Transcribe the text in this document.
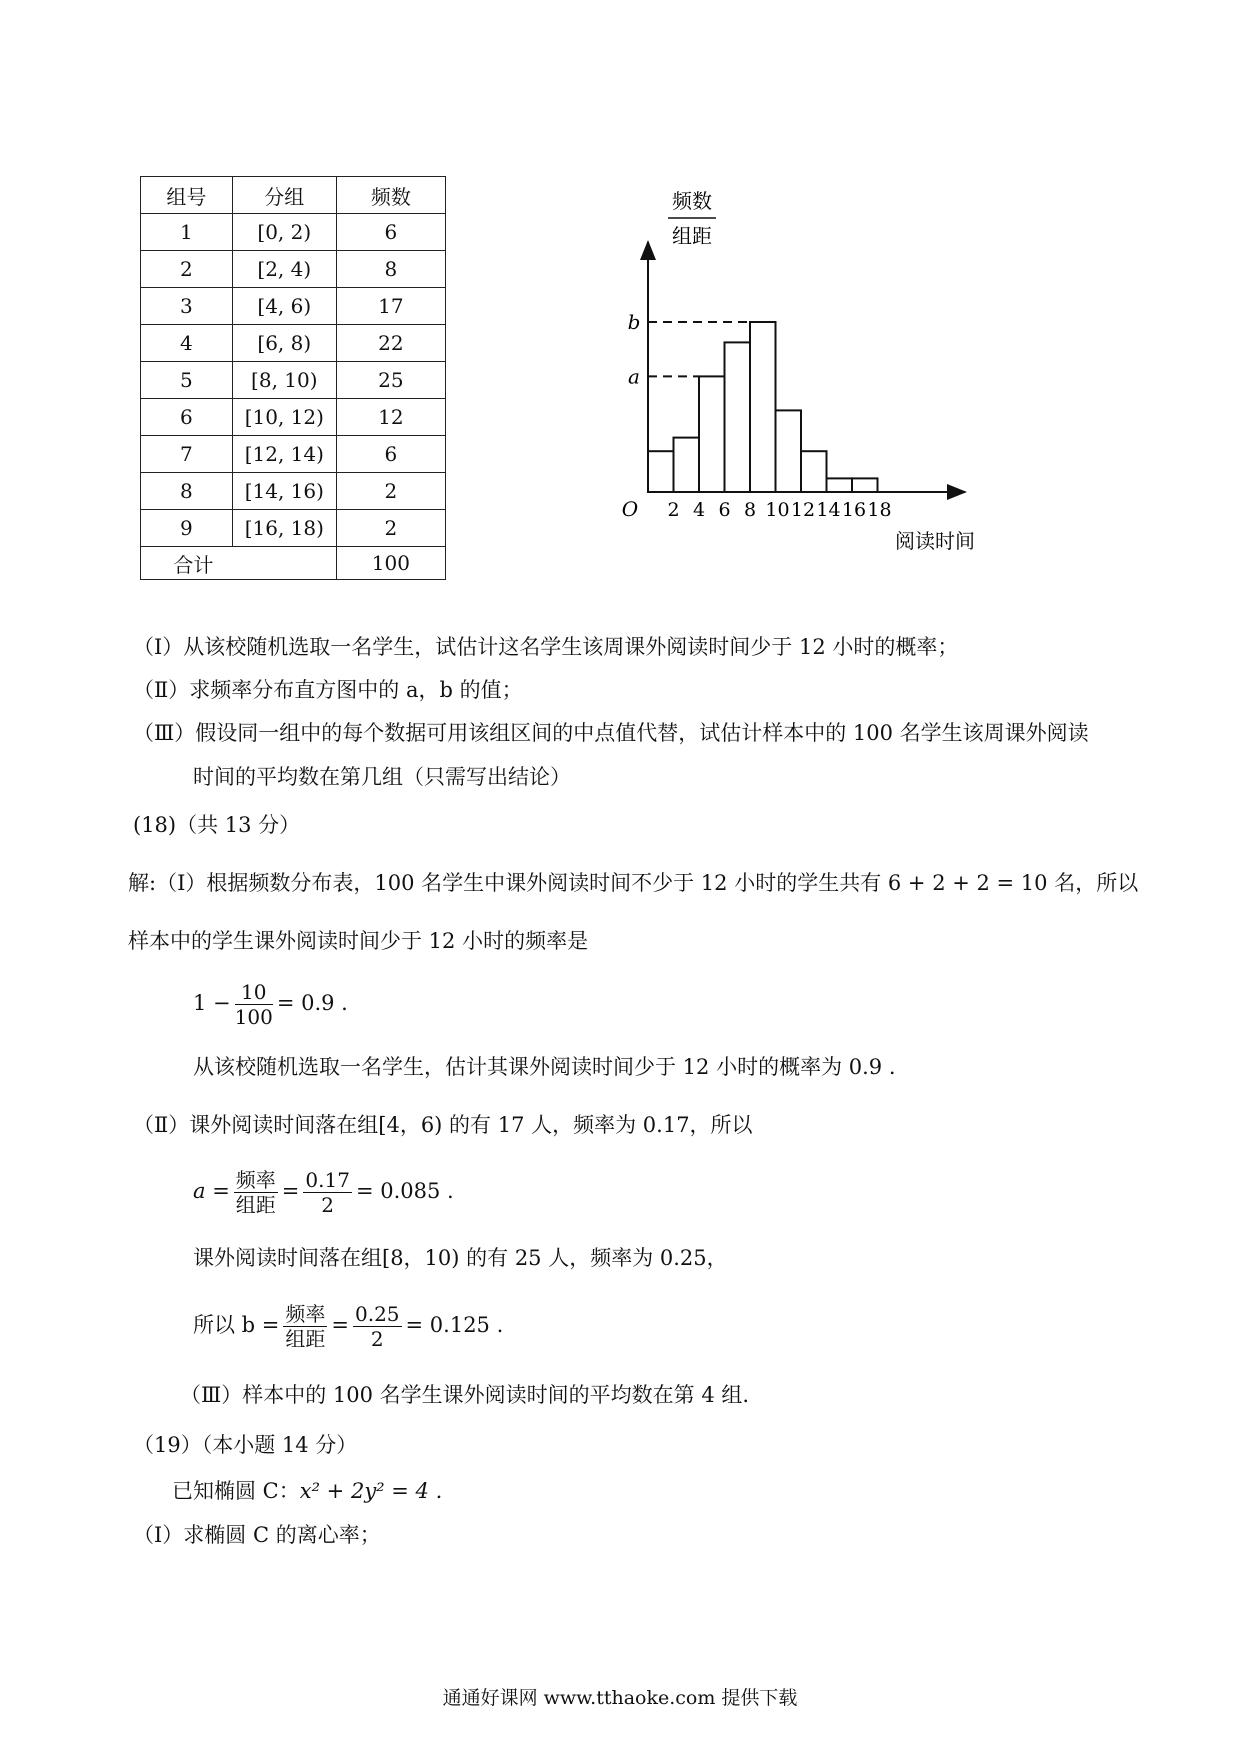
组号	分组	频数
1	[0, 2)	6
2	[2, 4)	8
3	[4, 6)	17
4	[6, 8)	22
5	[8, 10)	25
6	[10, 12)	12
7	[12, 14)	6
8	[14, 16)	2
9	[16, 18)	2
合计		100
频数
组距
a
b
O 2 4 6 8 10 12 14 16 18
阅读时间
（Ⅰ）从该校随机选取一名学生，试估计这名学生该周课外阅读时间少于 12 小时的概率；
（Ⅱ）求频率分布直方图中的 a，b 的值；
（Ⅲ）假设同一组中的每个数据可用该组区间的中点值代替，试估计样本中的 100 名学生该周课外阅读
时间的平均数在第几组（只需写出结论）
(18)（共 13 分）
解:（Ⅰ）根据频数分布表，100 名学生中课外阅读时间不少于 12 小时的学生共有 6 + 2 + 2 = 10 名，所以
样本中的学生课外阅读时间少于 12 小时的频率是
$1 - \frac{10}{100} = 0.9$ .
从该校随机选取一名学生，估计其课外阅读时间少于 12 小时的概率为 0.9 .
（Ⅱ）课外阅读时间落在组[4，6) 的有 17 人，频率为 0.17，所以
$a = \frac{\text{频率}}{\text{组距}} = \frac{0.17}{2} = 0.085$ .
课外阅读时间落在组[8，10) 的有 25 人，频率为 0.25，
所以 $b = \frac{\text{频率}}{\text{组距}} = \frac{0.25}{2} = 0.125$ .
（Ⅲ）样本中的 100 名学生课外阅读时间的平均数在第 4 组.
（19）（本小题 14 分）
已知椭圆 C：x² + 2y² = 4 .
（Ⅰ）求椭圆 C 的离心率；
通通好课网 www.tthaoke.com 提供下载
